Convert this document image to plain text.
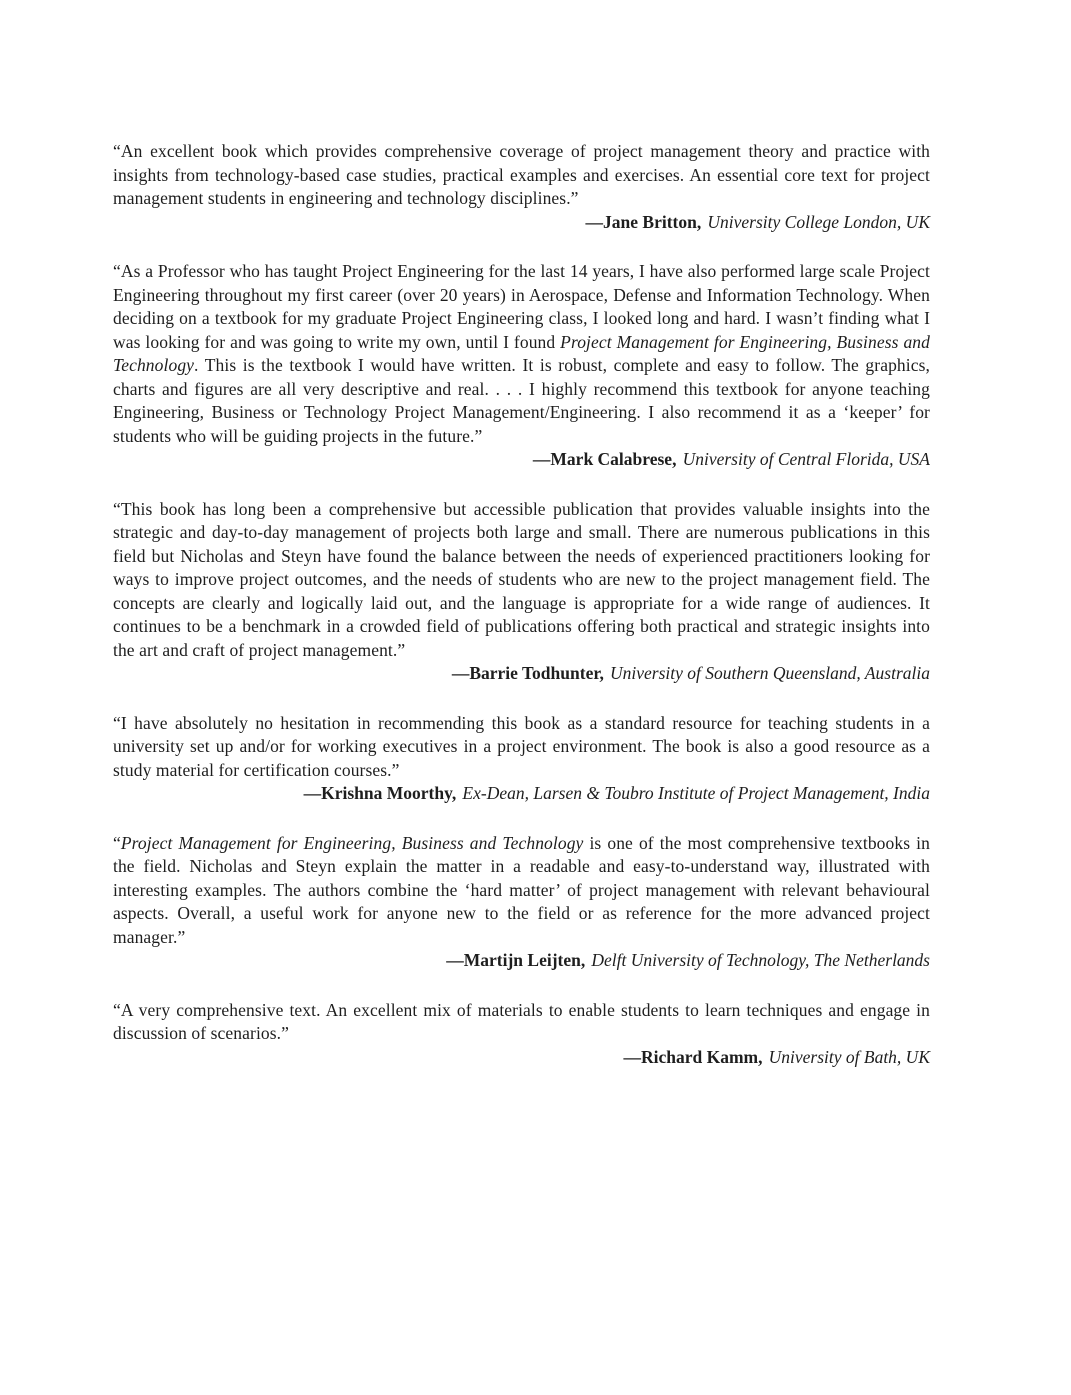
“An excellent book which provides comprehensive coverage of project management theory and practice with insights from technology-based case studies, practical examples and exercises. An essential core text for project management students in engineering and technology disciplines.”

—Jane Britton, University College London, UK

“As a Professor who has taught Project Engineering for the last 14 years, I have also performed large scale Project Engineering throughout my first career (over 20 years) in Aerospace, Defense and Information Technology. When deciding on a textbook for my graduate Project Engineering class, I looked long and hard. I wasn’t finding what I was looking for and was going to write my own, until I found Project Management for Engineering, Business and Technology. This is the textbook I would have written. It is robust, complete and easy to follow. The graphics, charts and figures are all very descriptive and real. . . . I highly recommend this textbook for anyone teaching Engineering, Business or Technology Project Management/Engineering. I also recommend it as a ‘keeper’ for students who will be guiding projects in the future.”

—Mark Calabrese, University of Central Florida, USA

“This book has long been a comprehensive but accessible publication that provides valuable insights into the strategic and day-to-day management of projects both large and small. There are numerous publications in this field but Nicholas and Steyn have found the balance between the needs of experienced practitioners looking for ways to improve project outcomes, and the needs of students who are new to the project management field. The concepts are clearly and logically laid out, and the language is appropriate for a wide range of audiences. It continues to be a benchmark in a crowded field of publications offering both practical and strategic insights into the art and craft of project management.”

—Barrie Todhunter, University of Southern Queensland, Australia

“I have absolutely no hesitation in recommending this book as a standard resource for teaching students in a university set up and/or for working executives in a project environment. The book is also a good resource as a study material for certification courses.”

—Krishna Moorthy, Ex-Dean, Larsen & Toubro Institute of Project Management, India

“Project Management for Engineering, Business and Technology is one of the most comprehensive textbooks in the field. Nicholas and Steyn explain the matter in a readable and easy-to-understand way, illustrated with interesting examples. The authors combine the ‘hard matter’ of project management with relevant behavioural aspects. Overall, a useful work for anyone new to the field or as reference for the more advanced project manager.”

—Martijn Leijten, Delft University of Technology, The Netherlands

“A very comprehensive text. An excellent mix of materials to enable students to learn techniques and engage in discussion of scenarios.”

—Richard Kamm, University of Bath, UK
